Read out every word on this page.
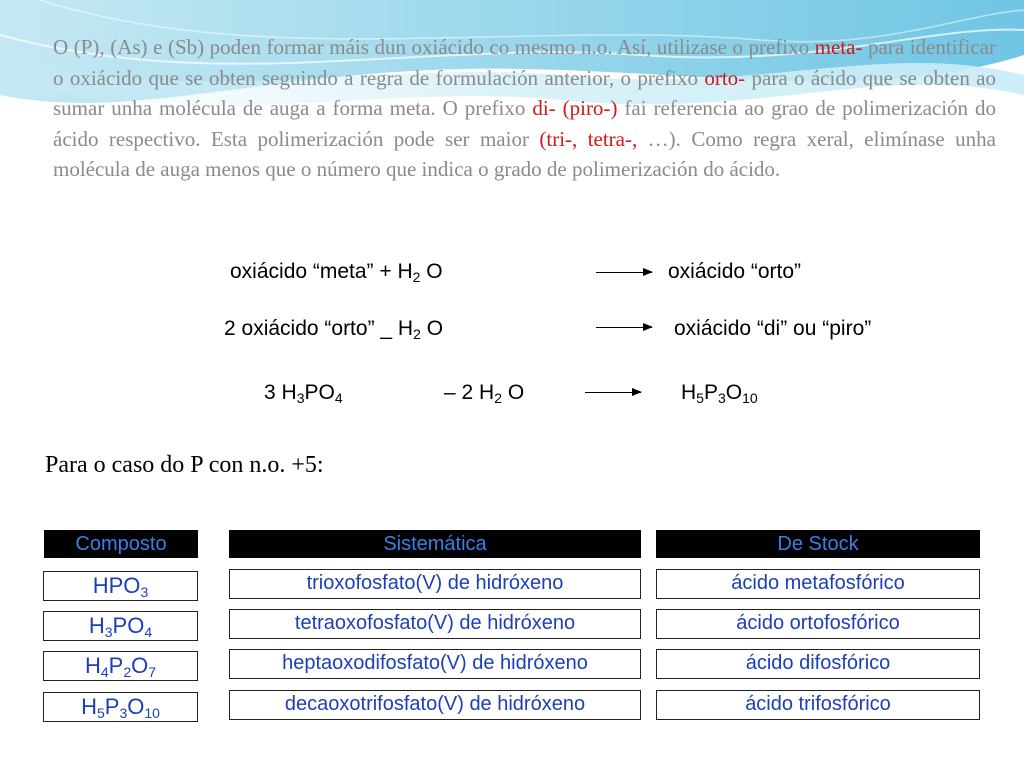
O (P), (As) e (Sb) poden formar máis dun oxiácido co mesmo n.o. Así, utilizase o prefixo meta- para identificar o oxiácido que se obten seguindo a regra de formulación anterior, o prefixo orto- para o ácido que se obten ao sumar unha molécula de auga a forma meta. O prefixo di- (piro-) fai referencia ao grao de polimerización do ácido respectivo. Esta polimerización pode ser maior (tri-, tetra-, …). Como regra xeral, elimínase unha molécula de auga menos que o número que indica o grado de polimerización do ácido.
oxiácido “meta” + $H_2$ O	→ oxiácido “orto”
2 oxiácido “orto” _ $H_2$ O	→ oxiácido “di” ou “piro”
3 $H_3PO_4$	– 2 $H_2$ O	$H_5P_3O_{10}$
Para o caso do P con n.o. +5:
Composto	Sistemática	De Stock
$HPO_3$	trioxofosfato(V) de hidróxeno	ácido metafosfórico
$H_3PO_4$	tetraoxofosfato(V) de hidróxeno	ácido ortofosfórico
$H_4P_2O_7$	heptaoxodifosfato(V) de hidróxeno	ácido difosfórico
$H_5P_3O_{10}$	decaoxotrifosfato(V) de hidróxeno	ácido trifosfórico
